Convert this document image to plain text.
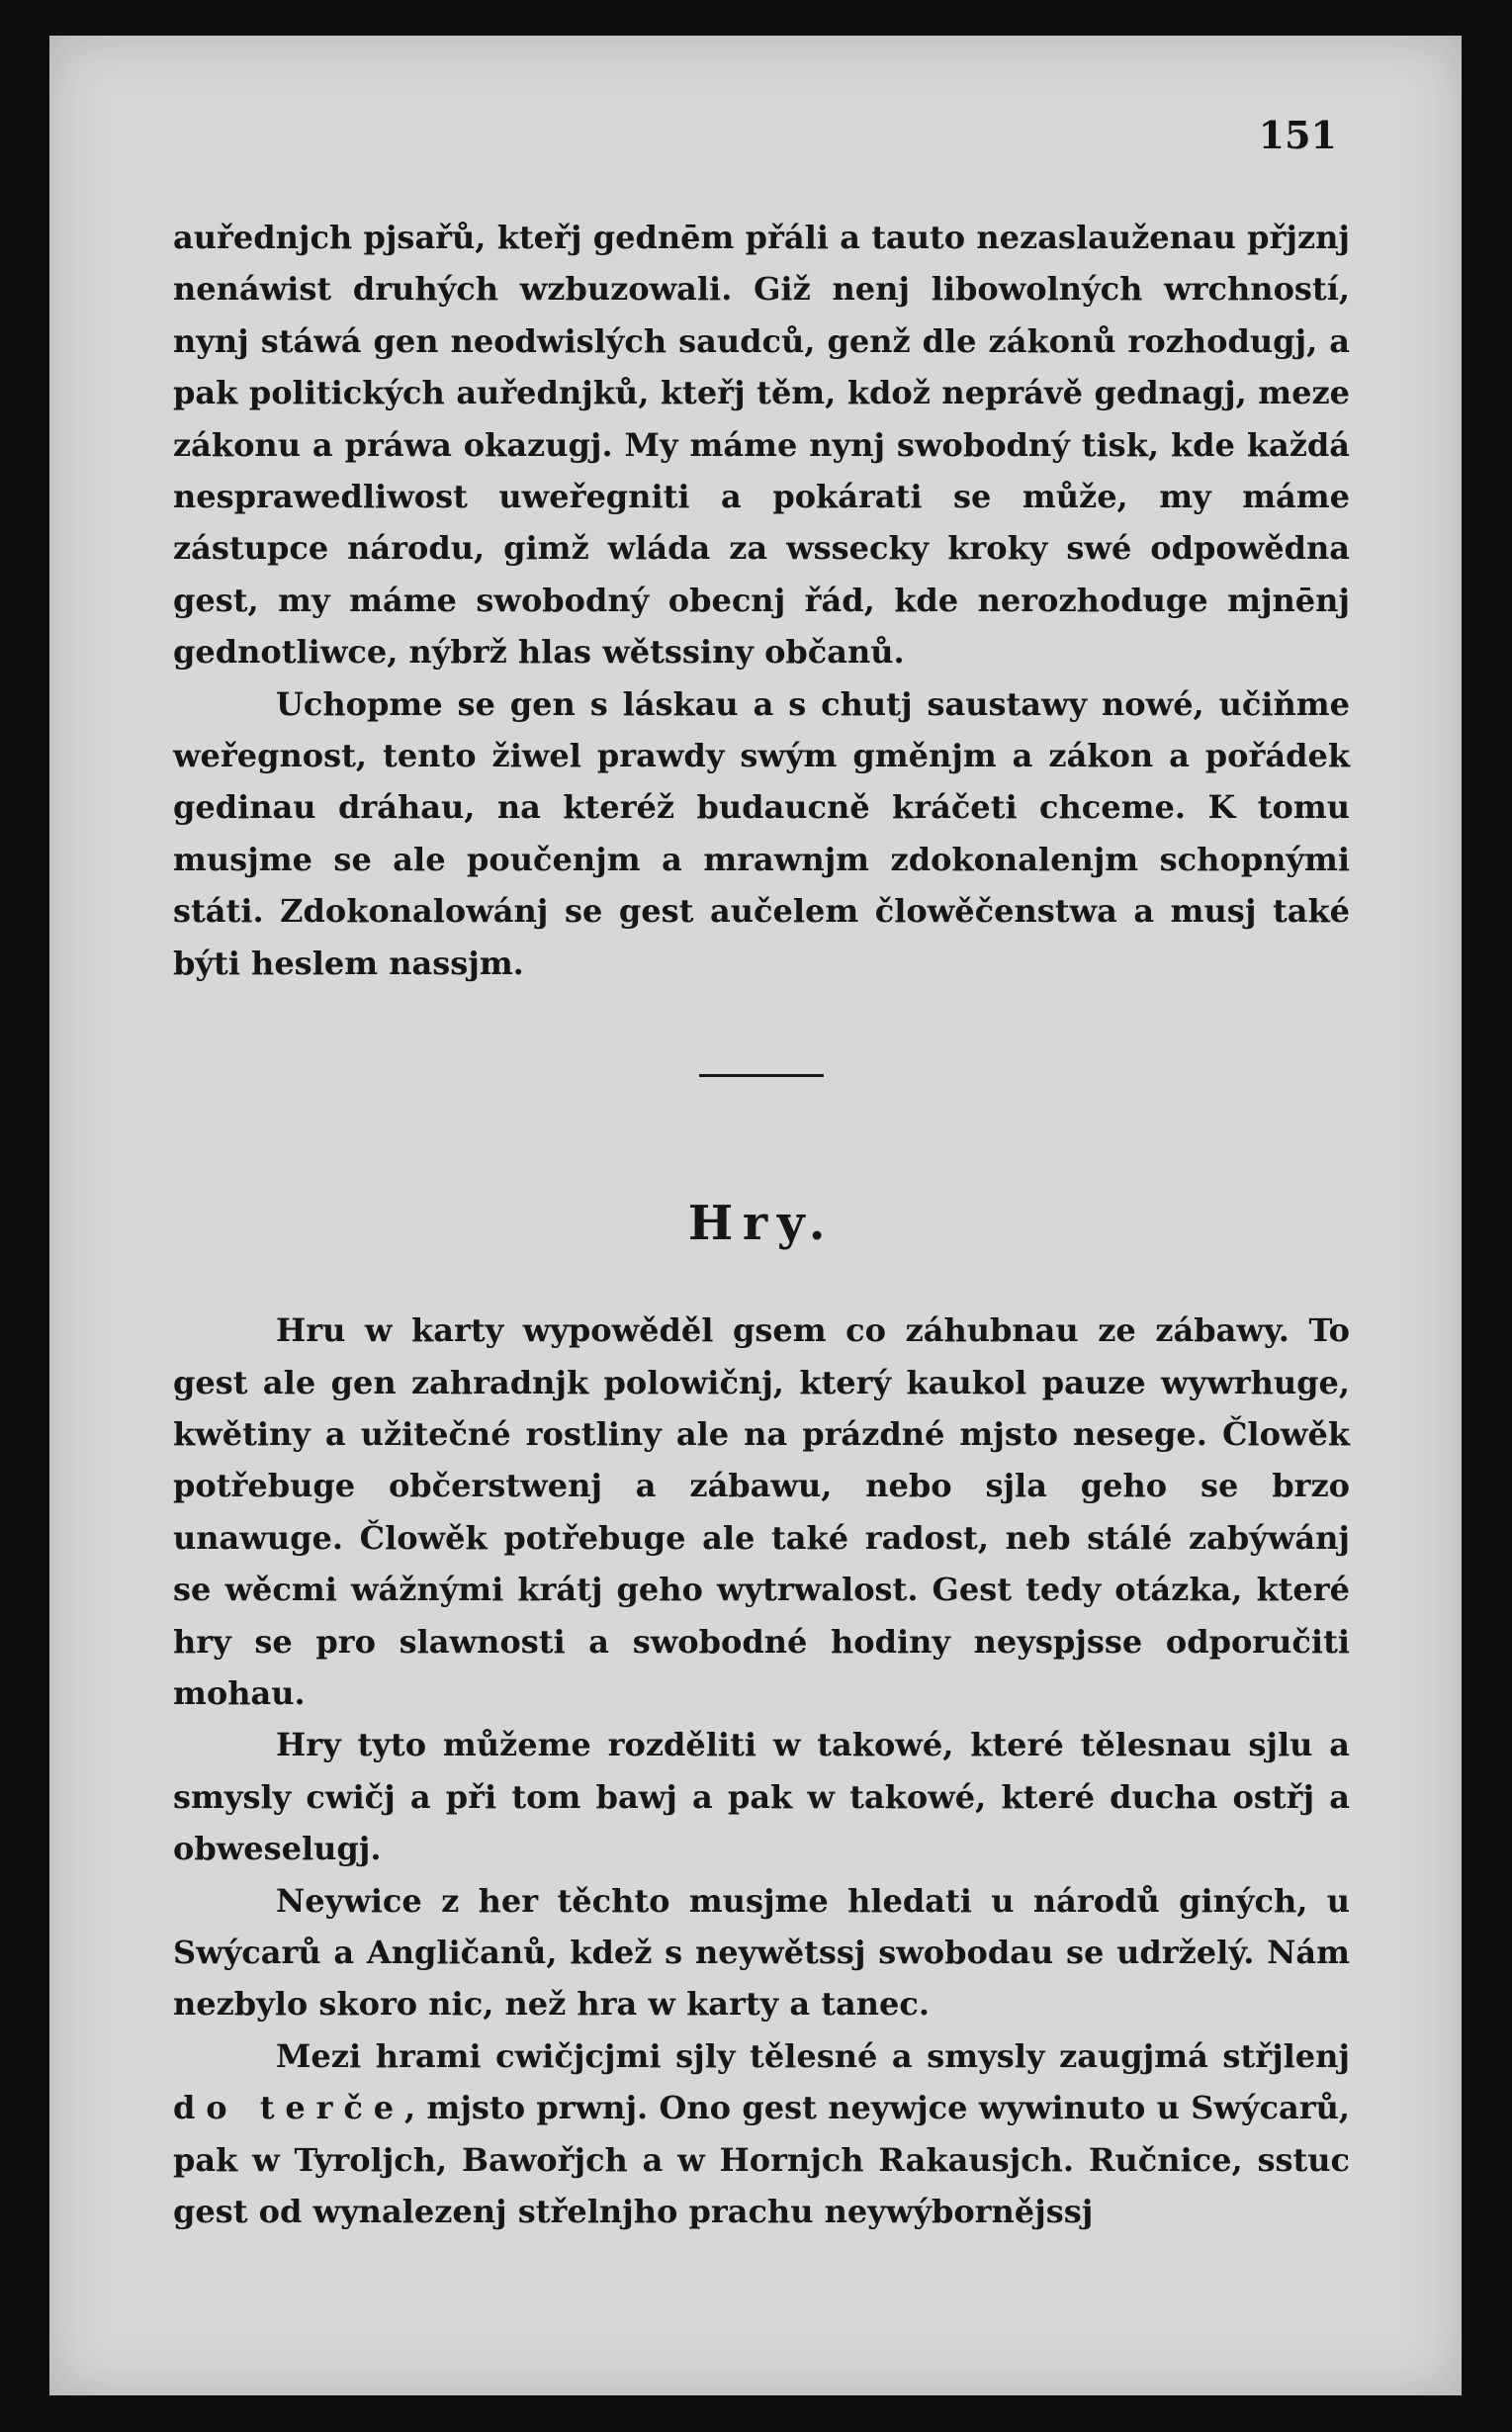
151

auřednjch pjsařů, kteřj gednēm přáli a tauto nezaslauženau přjznj nenáwist druhých wzbuzowali. Giž nenj libowolných wrchností, nynj stáwá gen neodwislých saudců, genž dle zákonů rozhodugj, a pak politických auřednjků, kteřj těm, kdož neprávě gednagj, meze zákonu a práwa okazugj. My máme nynj swobodný tisk, kde každá nesprawedliwost uweřegniti a pokárati se může, my máme zástupce národu, gimž wláda za wssecky kroky swé odpowědna gest, my máme swobodný obecnj řád, kde nerozhoduge mjnēnj gednotliwce, nýbrž hlas wětssiny občanů.

Uchopme se gen s láskau a s chutj saustawy nowé, učiňme weřegnost, tento žiwel prawdy swým gměnjm a zákon a pořádek gedinau dráhau, na kteréž budaucně kráčeti chceme. K tomu musjme se ale poučenjm a mrawnjm zdokonalenjm schopnými státi. Zdokonalowánj se gest aučelem člowěčenstwa a musj také býti heslem nassjm.

Hry.

Hru w karty wypowěděl gsem co záhubnau ze zábawy. To gest ale gen zahradnjk polowičnj, který kaukol pauze wywrhuge, kwětiny a užitečné rostliny ale na prázdné mjsto nesege. Člowěk potřebuge občerstwenj a zábawu, nebo sjla geho se brzo unawuge. Člowěk potřebuge ale také radost, neb stálé zabýwánj se wěcmi wážnými krátj geho wytrwalost. Gest tedy otázka, které hry se pro slawnosti a swobodné hodiny neyspjsse odporučiti mohau.

Hry tyto můžeme rozděliti w takowé, které tělesnau sjlu a smysly cwičj a při tom bawj a pak w takowé, které ducha ostřj a obweselugj.

Neywice z her těchto musjme hledati u národů giných, u Swýcarů a Angličanů, kdež s neywětssj swobodau se udrželý. Nám nezbylo skoro nic, než hra w karty a tanec.

Mezi hrami cwičjcjmi sjly tělesné a smysly zaugjmá střjlenj do terče, mjsto prwnj. Ono gest neywjce wywinuto u Swýcarů, pak w Tyroljch, Bawořjch a w Hornjch Rakausjch. Ručnice, sstuc gest od wynalezenj střelnjho prachu neywýbornějssj
